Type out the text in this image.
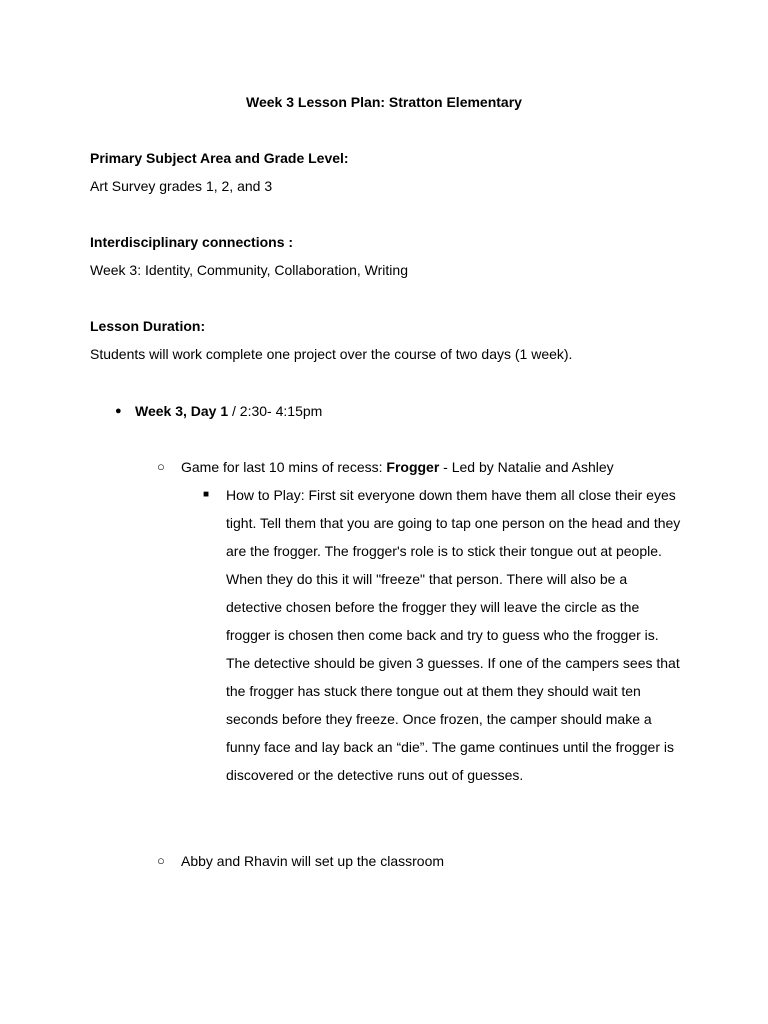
Week 3 Lesson Plan: Stratton Elementary
Primary Subject Area and Grade Level:
Art Survey grades 1, 2, and 3
Interdisciplinary connections :
Week 3: Identity, Community, Collaboration, Writing
Lesson Duration:
Students will work complete one project over the course of two days (1 week).
● Week 3, Day 1 / 2:30- 4:15pm
○ Game for last 10 mins of recess: Frogger - Led by Natalie and Ashley
■ How to Play: First sit everyone down them have them all close their eyes tight. Tell them that you are going to tap one person on the head and they are the frogger. The frogger's role is to stick their tongue out at people. When they do this it will "freeze" that person. There will also be a detective chosen before the frogger they will leave the circle as the frogger is chosen then come back and try to guess who the frogger is. The detective should be given 3 guesses. If one of the campers sees that the frogger has stuck there tongue out at them they should wait ten seconds before they freeze. Once frozen, the camper should make a funny face and lay back an “die”. The game continues until the frogger is discovered or the detective runs out of guesses.
○ Abby and Rhavin will set up the classroom
